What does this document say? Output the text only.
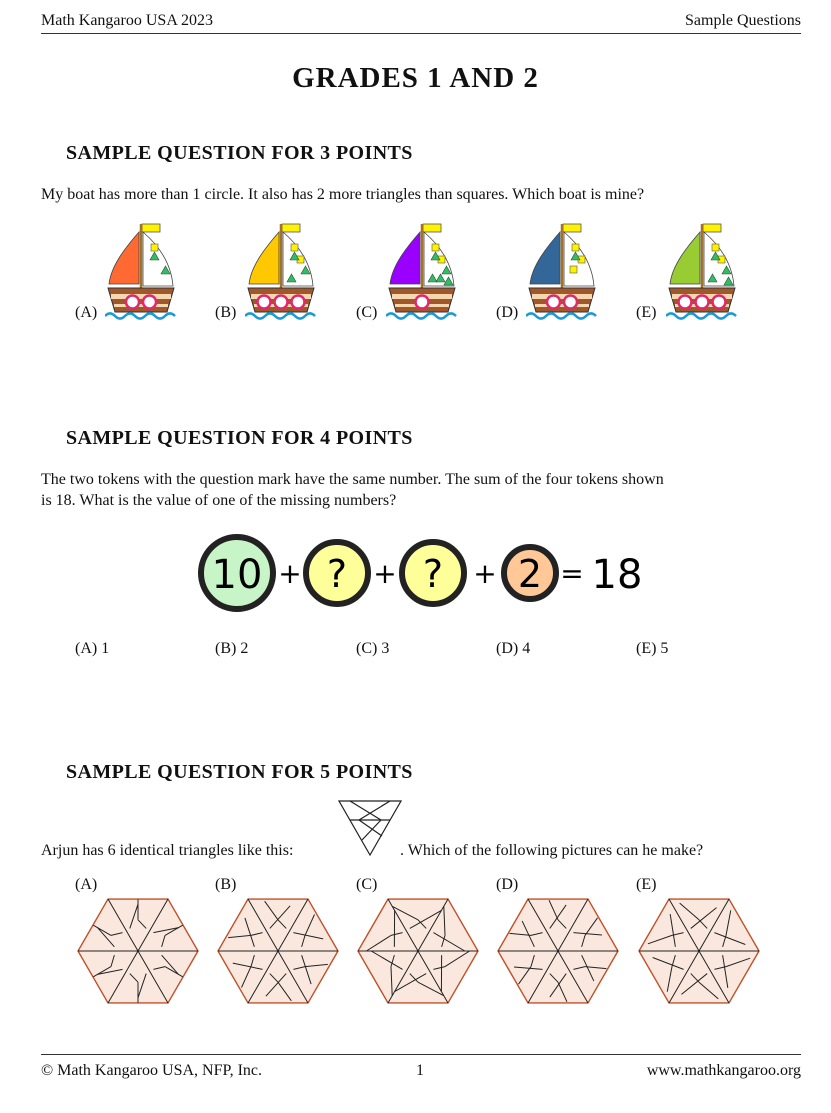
Math Kangaroo USA 2023	Sample Questions
GRADES 1 AND 2
SAMPLE QUESTION FOR 3 POINTS
My boat has more than 1 circle. It also has 2 more triangles than squares. Which boat is mine?
(A)	(B)	(C)	(D)	(E)
SAMPLE QUESTION FOR 4 POINTS
The two tokens with the question mark have the same number. The sum of the four tokens shown
is 18. What is the value of one of the missing numbers?
10 + ? + ? + 2 = 18
(A) 1	(B) 2	(C) 3	(D) 4	(E) 5
SAMPLE QUESTION FOR 5 POINTS
Arjun has 6 identical triangles like this:	. Which of the following pictures can he make?
(A)	(B)	(C)	(D)	(E)
© Math Kangaroo USA, NFP, Inc.	1	www.mathkangaroo.org
